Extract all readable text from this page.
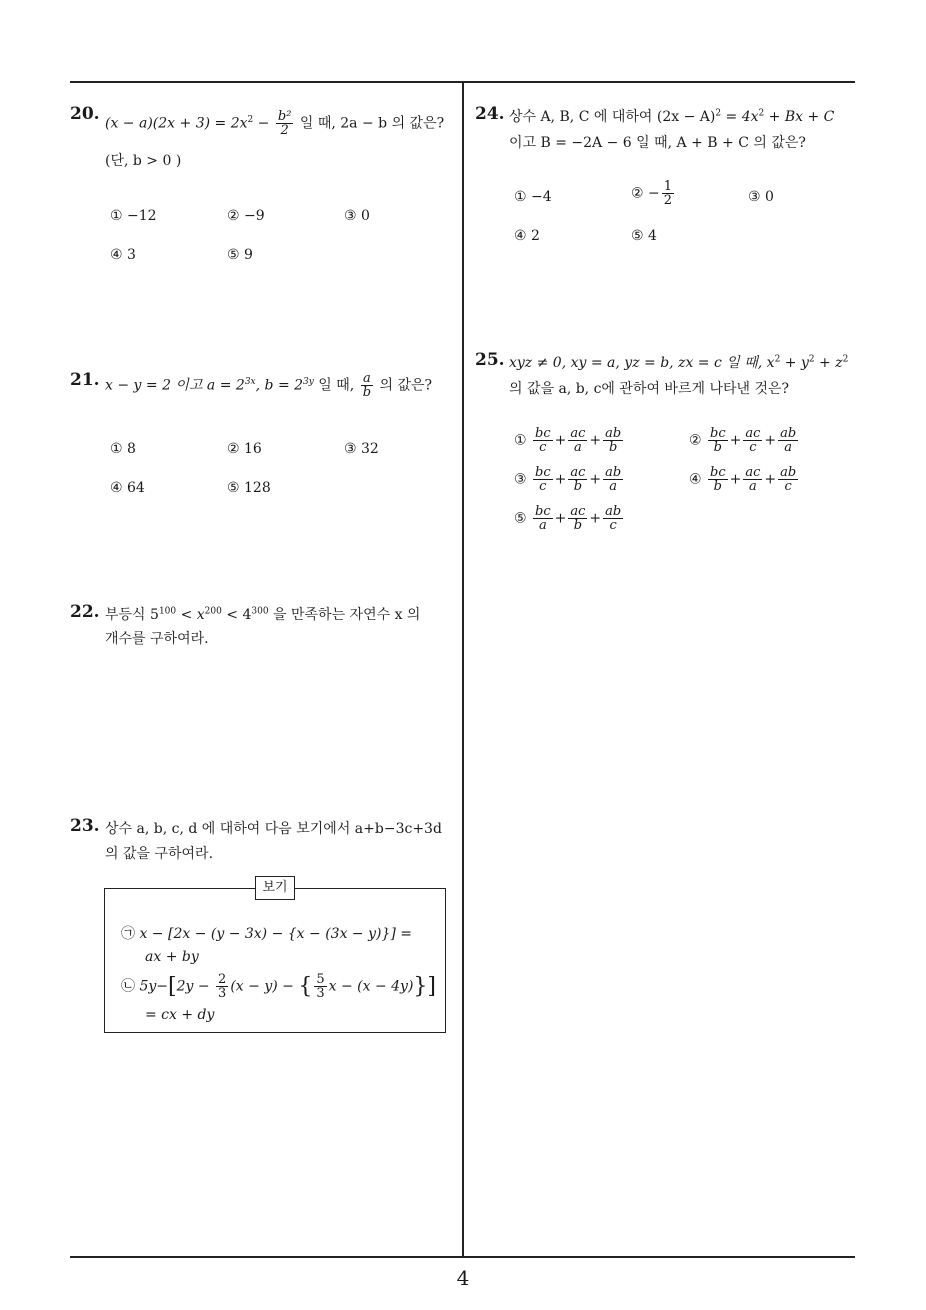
20. $(x - a)(2x + 3) = 2x^2 - \frac{\text{b²}}{2}$ 일 때, 2a − b 의 값은?
(단, b > 0 )
① −12	② −9	③ 0
④ 3	⑤ 9
21. x − y = 2 이고 $a = 2^{3x}$, $b = 2^{3y}$ 일 때, $\frac{a}{b}$ 의 값은?
① 8	② 16	③ 32
④ 64	⑤ 128
22. 부등식 $5^{100} < x^{200} < 4^{300}$ 을 만족하는 자연수 x 의
개수를 구하여라.
23. 상수 a, b, c, d 에 대하여 다음 보기에서 a+b−3c+3d
의 값을 구하여라.
㉠ x − [2x − (y − 3x) − {x − (3x − y)}] =
ax + by
㉡ $5y-[2y - \frac{2}{3} (x - y)$ − { $\frac{5}{3}$ x − (x − 4y)}]
= cx + dy
보기
24. 상수 A, B, C 에 대하여 $(2x - A)^2 = 4x^2 + Bx + C$
이고 B = −2A − 6 일 때, A + B + C 의 값은?
① −4	② − $\frac{1}{2}$	③ 0
④ 2	⑤ 4
25. xyz ≠ 0, xy = a, yz = b, zx = c 일 때, $x^2 + y^2 + z^2$
의 값을 a, b, c에 관하여 바르게 나타낸 것은?
① $\frac{bc}{c} + \frac{ac}{a} + \frac{ab}{b}$	② $\frac{bc}{b} + \frac{ac}{c} + \frac{ab}{a}$
③ $\frac{bc}{c} + \frac{ac}{b} + \frac{ab}{a}$	④ $\frac{bc}{b} + \frac{ac}{a} + \frac{ab}{c}$
⑤ $\frac{bc}{a} + \frac{ac}{b} + \frac{ab}{c}$
4
